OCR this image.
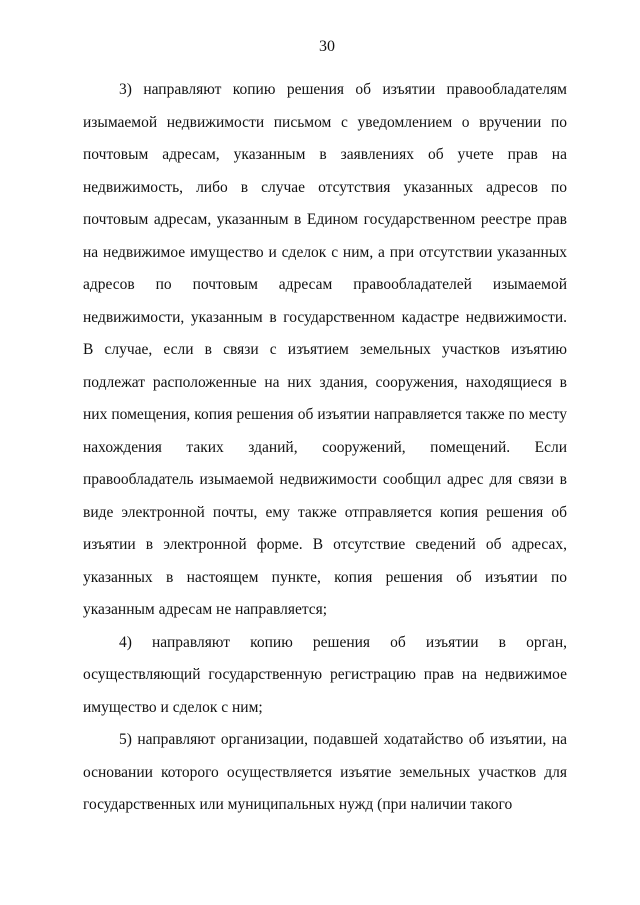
30

3) направляют копию решения об изъятии правообладателям изымаемой недвижимости письмом с уведомлением о вручении по почтовым адресам, указанным в заявлениях об учете прав на недвижимость, либо в случае отсутствия указанных адресов по почтовым адресам, указанным в Едином государственном реестре прав на недвижимое имущество и сделок с ним, а при отсутствии указанных адресов по почтовым адресам правообладателей изымаемой недвижимости, указанным в государственном кадастре недвижимости. В случае, если в связи с изъятием земельных участков изъятию подлежат расположенные на них здания, сооружения, находящиеся в них помещения, копия решения об изъятии направляется также по месту нахождения таких зданий, сооружений, помещений. Если правообладатель изымаемой недвижимости сообщил адрес для связи в виде электронной почты, ему также отправляется копия решения об изъятии в электронной форме. В отсутствие сведений об адресах, указанных в настоящем пункте, копия решения об изъятии по указанным адресам не направляется;

4) направляют копию решения об изъятии в орган, осуществляющий государственную регистрацию прав на недвижимое имущество и сделок с ним;

5) направляют организации, подавшей ходатайство об изъятии, на основании которого осуществляется изъятие земельных участков для государственных или муниципальных нужд (при наличии такого
